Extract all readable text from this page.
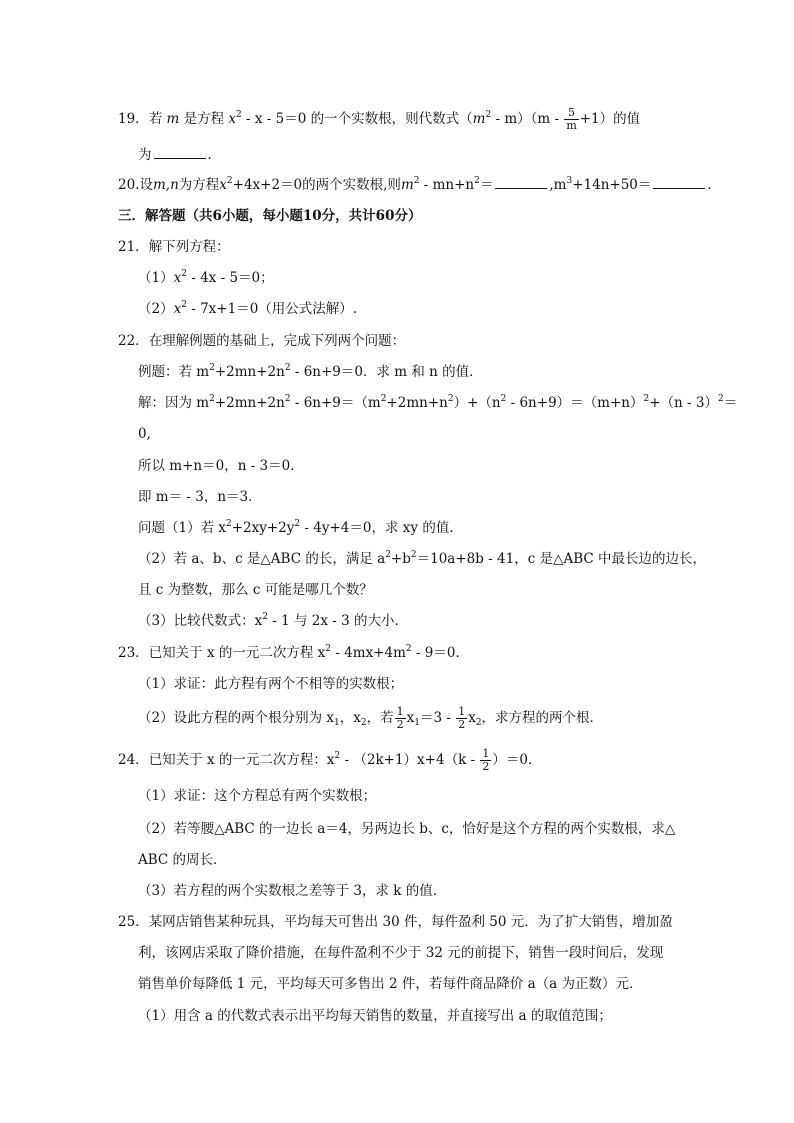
19．若 m 是方程 $x^2 - x - 5=0$ 的一个实数根，则代数式$(m^2 - m)(m - \frac{5}{m} +1)$的值
为	.
20.设m,n为方程$x^2+4x+2=0$的两个实数根,则$m^2 - mn+n^2=$	$,m^3+14n+50=$	.
三．解答题（共6小题，每小题10分，共计60分）
21．解下列方程：
$(1)x^2 - 4x - 5=0$；
$(2)x^2 - 7x+1=0$（用公式法解）.
22．在理解例题的基础上，完成下列两个问题：
例题：若 $m^2+2mn+2n^2 - 6n+9=0$．求 m 和 n 的值．
解：因为 $m^2+2mn+2n^2 - 6n+9=(m^2+2mn+n^2)+(n^2 - 6n+9)=(m+n)^2+(n - 3)^2=$
0,
所以 m+n＝0，n - 3＝0．
即 m＝ - 3，n＝3．
问题（1）若 $x^2+2xy+2y^2 - 4y+4=0$，求 xy 的值．
（2）若 a、b、c 是△ABC 的长，满足 $a^2+b^2=10a+8b - 41$，c 是△ABC 中最长边的边长，
且 c 为整数，那么 c 可能是哪几个数？
（3）比较代数式：$x^2 - 1$ 与 2x - 3 的大小．
23．已知关于 x 的一元二次方程 $x^2 - 4mx+4m^2 - 9=0$．
（1）求证：此方程有两个不相等的实数根；
（2）设此方程的两个根分别为 $x_1$，$x_2$，若 $\frac{1}{2} x_1=3 - \frac{1}{2} x_2$，求方程的两个根．
24．已知关于 x 的一元二次方程：$x^2 - (2k+1)x+4(k - \frac{1}{2} )=0$．
（1）求证：这个方程总有两个实数根；
（2）若等腰△ABC 的一边长 a＝4，另两边长 b、c，恰好是这个方程的两个实数根，求△
ABC 的周长．
（3）若方程的两个实数根之差等于 3，求 k 的值．
25．某网店销售某种玩具，平均每天可售出 30 件，每件盈利 50 元．为了扩大销售，增加盈
利，该网店采取了降价措施，在每件盈利不少于 32 元的前提下，销售一段时间后，发现
销售单价每降低 1 元，平均每天可多售出 2 件，若每件商品降价 a（a 为正数）元．
（1）用含 a 的代数式表示出平均每天销售的数量，并直接写出 a 的取值范围；
